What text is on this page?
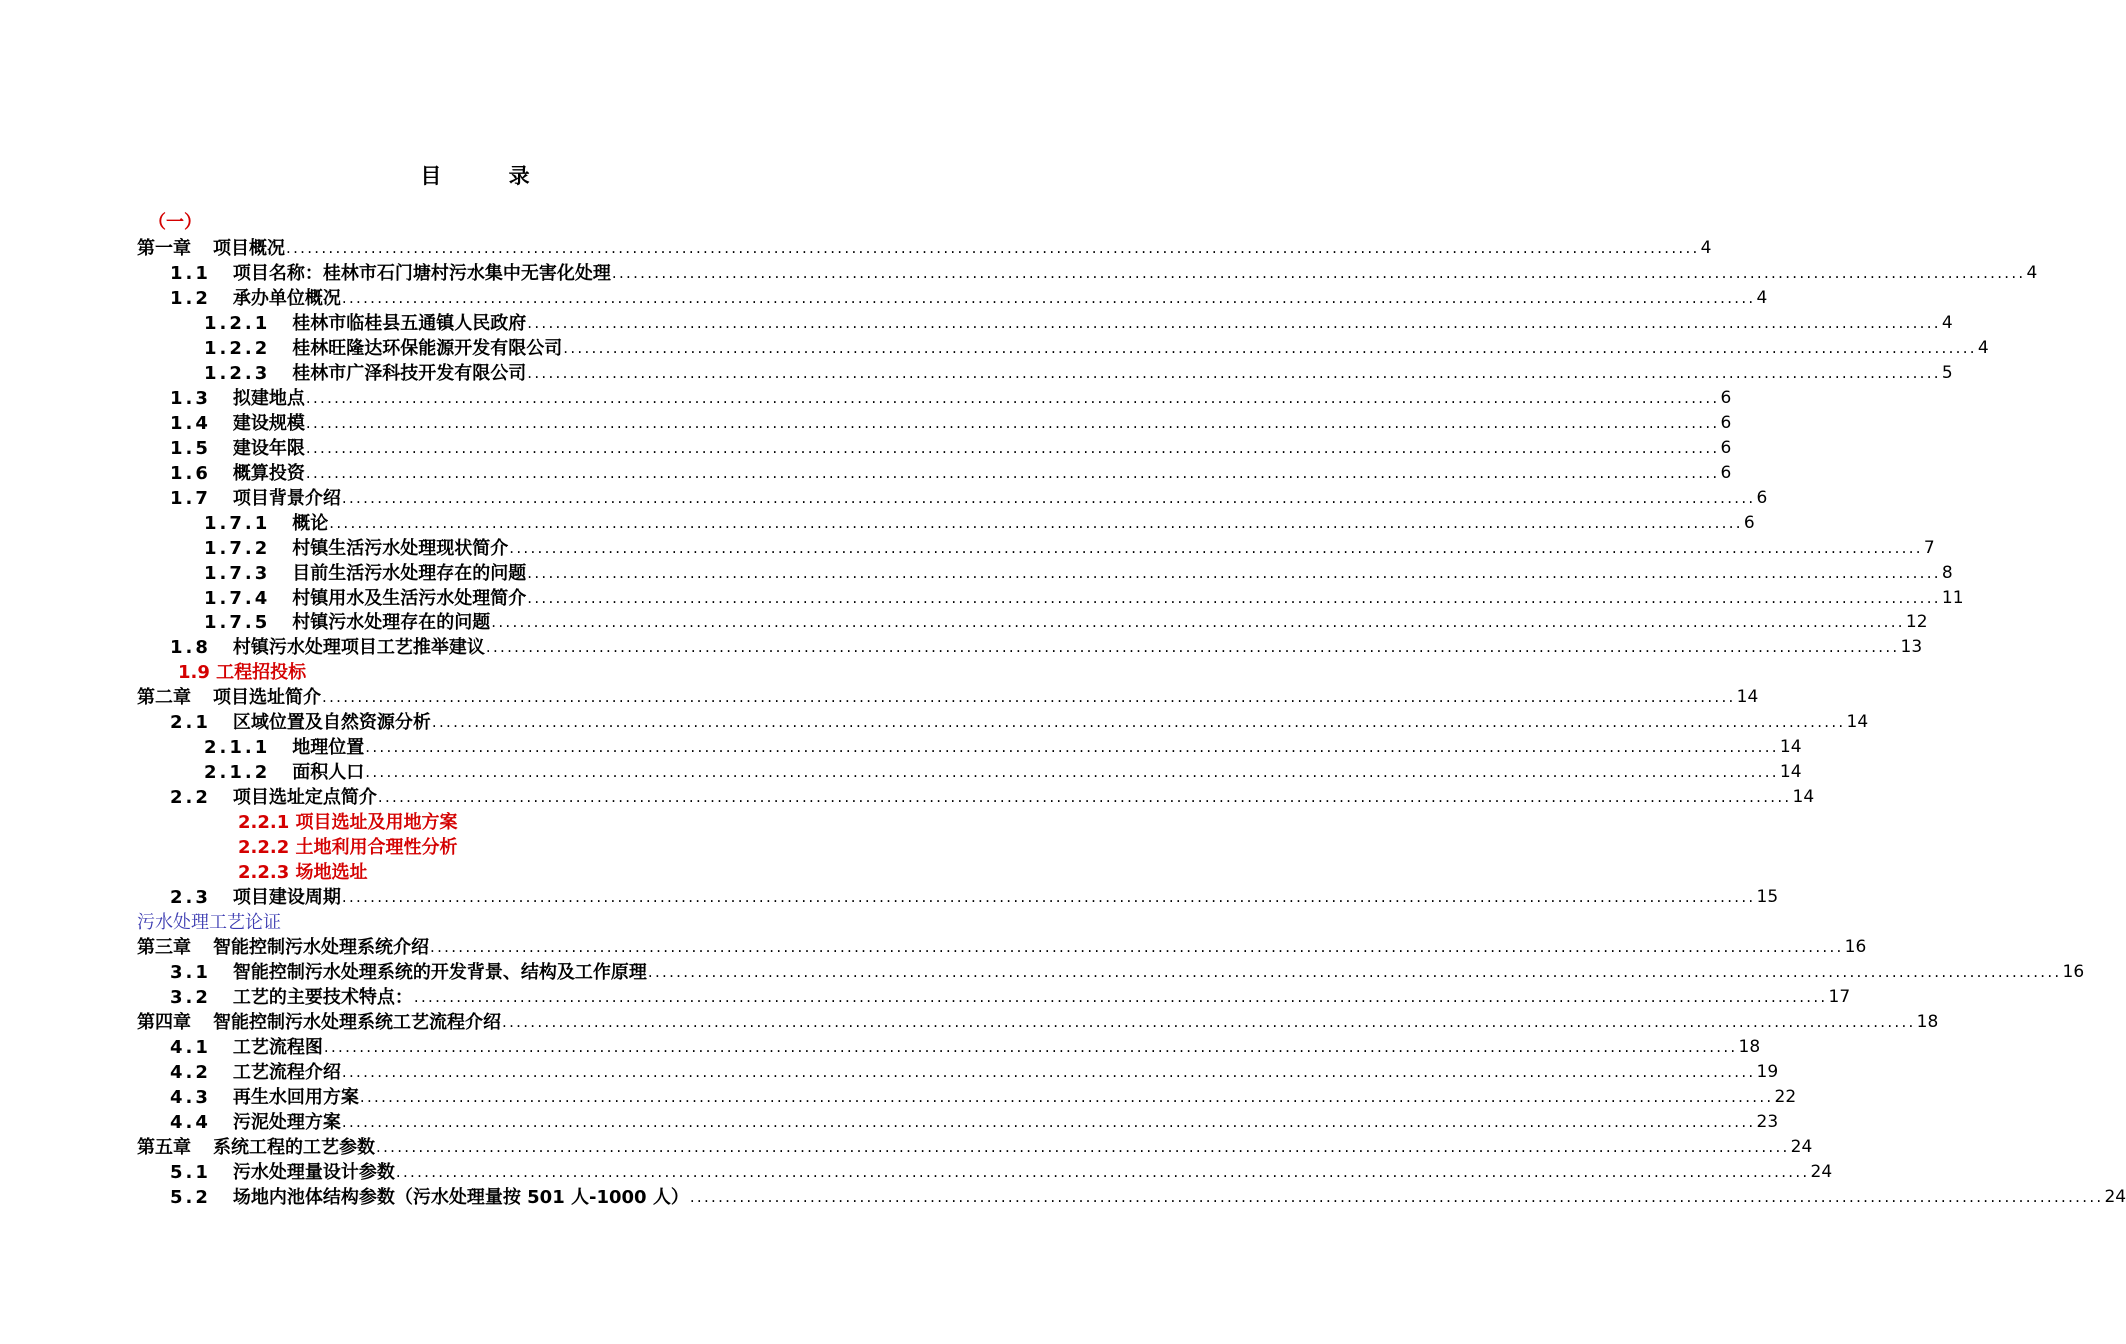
目 录
（一）
第一章 项目概况 ........................................................................................................................................................................................................ 4
1.1 项目名称：桂林市石门塘村污水集中无害化处理 ........................................................................................................................................................................................................ 4
1.2 承办单位概况 ........................................................................................................................................................................................................ 4
1.2.1 桂林市临桂县五通镇人民政府 ........................................................................................................................................................................................................ 4
1.2.2 桂林旺隆达环保能源开发有限公司 ........................................................................................................................................................................................................ 4
1.2.3 桂林市广泽科技开发有限公司 ........................................................................................................................................................................................................ 5
1.3 拟建地点 ........................................................................................................................................................................................................ 6
1.4 建设规模 ........................................................................................................................................................................................................ 6
1.5 建设年限 ........................................................................................................................................................................................................ 6
1.6 概算投资 ........................................................................................................................................................................................................ 6
1.7 项目背景介绍 ........................................................................................................................................................................................................ 6
1.7.1 概论 ........................................................................................................................................................................................................ 6
1.7.2 村镇生活污水处理现状简介 ........................................................................................................................................................................................................ 7
1.7.3 目前生活污水处理存在的问题 ........................................................................................................................................................................................................ 8
1.7.4 村镇用水及生活污水处理简介 ........................................................................................................................................................................................................ 11
1.7.5 村镇污水处理存在的问题 ........................................................................................................................................................................................................ 12
1.8 村镇污水处理项目工艺推举建议 ........................................................................................................................................................................................................ 13
1.9 工程招投标
第二章 项目选址简介 ........................................................................................................................................................................................................ 14
2.1 区域位置及自然资源分析 ........................................................................................................................................................................................................ 14
2.1.1 地理位置 ........................................................................................................................................................................................................ 14
2.1.2 面积人口 ........................................................................................................................................................................................................ 14
2.2 项目选址定点简介 ........................................................................................................................................................................................................ 14
2.2.1 项目选址及用地方案
2.2.2 土地利用合理性分析
2.2.3 场地选址
2.3 项目建设周期 ........................................................................................................................................................................................................ 15
污水处理工艺论证
第三章 智能控制污水处理系统介绍 ........................................................................................................................................................................................................ 16
3.1 智能控制污水处理系统的开发背景、结构及工作原理 ........................................................................................................................................................................................................ 16
3.2 工艺的主要技术特点： ........................................................................................................................................................................................................ 17
第四章 智能控制污水处理系统工艺流程介绍 ........................................................................................................................................................................................................ 18
4.1 工艺流程图 ........................................................................................................................................................................................................ 18
4.2 工艺流程介绍 ........................................................................................................................................................................................................ 19
4.3 再生水回用方案 ........................................................................................................................................................................................................ 22
4.4 污泥处理方案 ........................................................................................................................................................................................................ 23
第五章 系统工程的工艺参数 ........................................................................................................................................................................................................ 24
5.1 污水处理量设计参数 ........................................................................................................................................................................................................ 24
5.2 场地内池体结构参数（污水处理量按 501 人-1000 人） ........................................................................................................................................................................................................ 24
